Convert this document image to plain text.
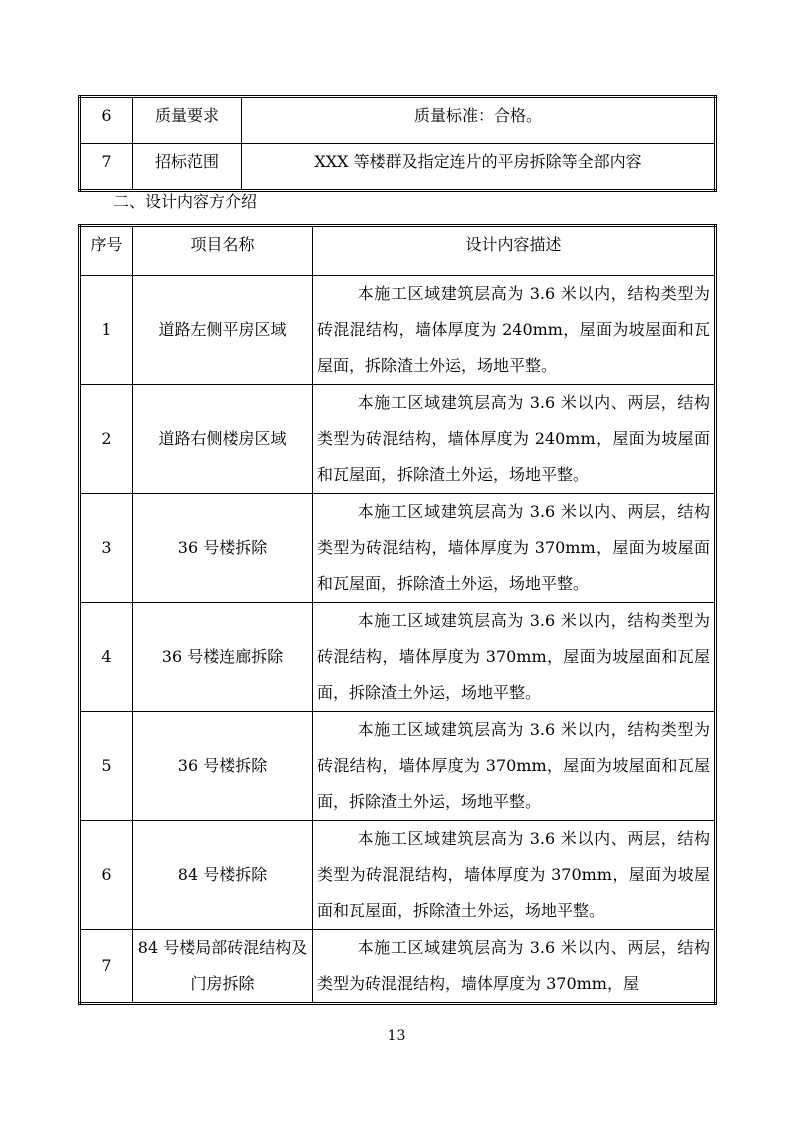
6	质量要求	质量标准：合格。
7	招标范围	XXX 等楼群及指定连片的平房拆除等全部内容
二、设计内容方介绍
序号	项目名称	设计内容描述
1	道路左侧平房区域	本施工区域建筑层高为 3.6 米以内，结构类型为砖混混结构，墙体厚度为 240mm，屋面为坡屋面和瓦屋面，拆除渣土外运，场地平整。
2	道路右侧楼房区域	本施工区域建筑层高为 3.6 米以内、两层，结构类型为砖混结构，墙体厚度为 240mm，屋面为坡屋面和瓦屋面，拆除渣土外运，场地平整。
3	36 号楼拆除	本施工区域建筑层高为 3.6 米以内、两层，结构类型为砖混结构，墙体厚度为 370mm，屋面为坡屋面和瓦屋面，拆除渣土外运，场地平整。
4	36 号楼连廊拆除	本施工区域建筑层高为 3.6 米以内，结构类型为砖混结构，墙体厚度为 370mm，屋面为坡屋面和瓦屋面，拆除渣土外运，场地平整。
5	36 号楼拆除	本施工区域建筑层高为 3.6 米以内，结构类型为砖混结构，墙体厚度为 370mm，屋面为坡屋面和瓦屋面，拆除渣土外运，场地平整。
6	84 号楼拆除	本施工区域建筑层高为 3.6 米以内、两层，结构类型为砖混混结构，墙体厚度为 370mm，屋面为坡屋面和瓦屋面，拆除渣土外运，场地平整。
7	84 号楼局部砖混结构及门房拆除	本施工区域建筑层高为 3.6 米以内、两层，结构类型为砖混混结构，墙体厚度为 370mm，屋
13
